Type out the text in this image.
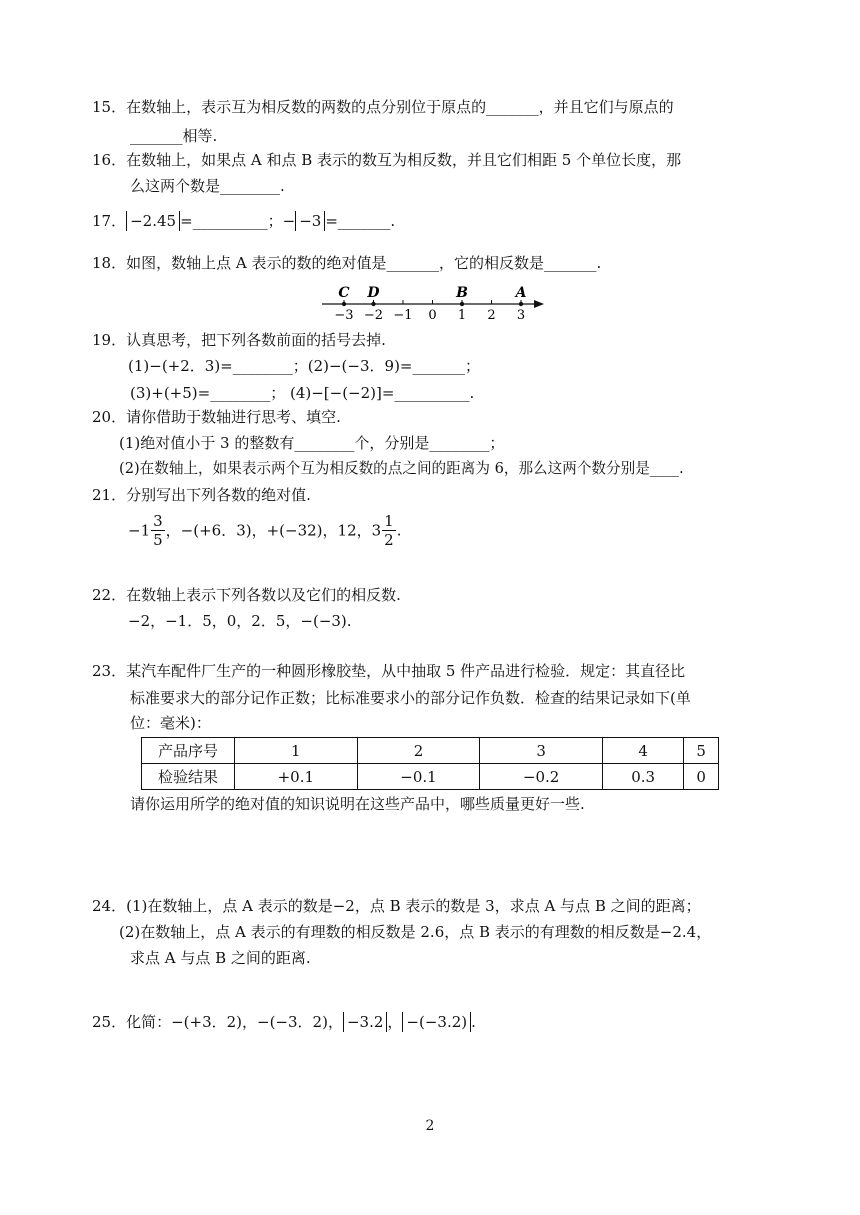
15．在数轴上，表示互为相反数的两数的点分别位于原点的_______，并且它们与原点的
_______相等.
16．在数轴上，如果点 A 和点 B 表示的数互为相反数，并且它们相距 5 个单位长度，那
么这两个数是________.
17． −2.45 =__________；− −3 =_______.
18．如图，数轴上点 A 表示的数的绝对值是_______，它的相反数是_______.
−3 −2 −1 0 1 2 3
C D	B	A
19．认真思考，把下列各数前面的括号去掉.
(1)−(+2．3)=________；(2)−(−3．9)=_______；
(3)+(+5)=________； (4)−[−(−2)]=__________.
20．请你借助于数轴进行思考、填空.
(1)绝对值小于 3 的整数有________个，分别是________；
(2)在数轴上，如果表示两个互为相反数的点之间的距离为 6，那么这两个数分别是____.
21．分别写出下列各数的绝对值.
$-1 \frac{3}{5}$ ，−(+6．3)，+(−32)，12，$3 \frac{1}{2}$ .
22．在数轴上表示下列各数以及它们的相反数.
−2，−1．5，0，2．5，−(−3).
23．某汽车配件厂生产的一种圆形橡胶垫，从中抽取 5 件产品进行检验．规定：其直径比
标准要求大的部分记作正数；比标准要求小的部分记作负数．检查的结果记录如下(单
位：毫米)：
产品序号	1	2	3	4	5
检验结果	+0.1	−0.1	−0.2	0.3	0
请你运用所学的绝对值的知识说明在这些产品中，哪些质量更好一些.
24．(1)在数轴上，点 A 表示的数是−2，点 B 表示的数是 3，求点 A 与点 B 之间的距离；
(2)在数轴上，点 A 表示的有理数的相反数是 2.6，点 B 表示的有理数的相反数是−2.4，
求点 A 与点 B 之间的距离.
25．化简：−(+3．2)，−(−3．2)， −3.2 ， −(−3.2) .
2
